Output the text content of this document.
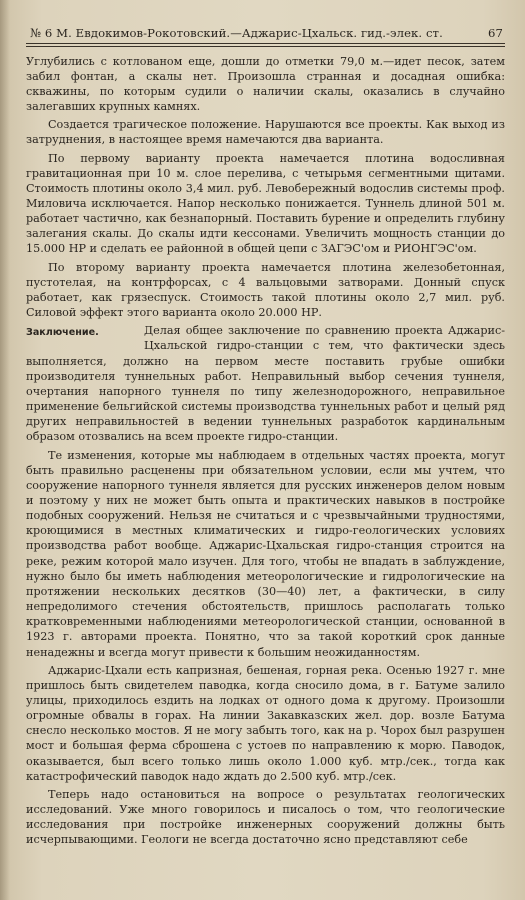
№ 6 М. Евдокимов-Рокотовский.—Аджарис-Цхальск. гид.-элек. ст.	67

Углубились с котлованом еще, дошли до отметки 79,0 м.—идет песок, затем забил фонтан, а скалы нет. Произошла странная и досадная ошибка: скважины, по которым судили о наличии скалы, оказались в случайно залегавших крупных камнях.

Создается трагическое положение. Нарушаются все проекты. Как выход из затруднения, в настоящее время намечаются два варианта.

По первому варианту проекта намечается плотина водосливная гравитационная при 10 м. слое перелива, с четырьмя сегментными щитами. Стоимость плотины около 3,4 мил. руб. Левобережный водослив системы проф. Миловича исключается. Напор несколько понижается. Туннель длиной 501 м. работает частично, как безнапорный. Поставить бурение и определить глубину залегания скалы. До скалы идти кессонами. Увеличить мощность станции до 15.000 НР и сделать ее районной в общей цепи с ЗАГЭС'ом и РИОНГЭС'ом.

По второму варианту проекта намечается плотина железобетонная, пустотелая, на контрфорсах, с 4 вальцовыми затворами. Донный спуск работает, как грязеспуск. Стоимость такой плотины около 2,7 мил. руб. Силовой эффект этого варианта около 20.000 НР.

Заключение.	Делая общее заключение по сравнению проекта Аджарис-Цхальской гидро-станции с тем, что фактически здесь выполняется, должно на первом месте поставить грубые ошибки производителя туннельных работ. Неправильный выбор сечения туннеля, очертания напорного туннеля по типу железнодорожного, неправильное применение бельгийской системы производства туннельных работ и целый ряд других неправильностей в ведении туннельных разработок кардинальным образом отозвались на всем проекте гидро-станции.

Те изменения, которые мы наблюдаем в отдельных частях проекта, могут быть правильно расценены при обязательном условии, если мы учтем, что сооружение напорного туннеля является для русских инженеров делом новым и поэтому у них не может быть опыта и практических навыков в постройке подобных сооружений. Нельзя не считаться и с чрезвычайными трудностями, кроющимися в местных климатических и гидро-геологических условиях производства работ вообще. Аджарис-Цхальская гидро-станция строится на реке, режим которой мало изучен. Для того, чтобы не впадать в заблуждение, нужно было бы иметь наблюдения метеорологические и гидрологические на протяжении нескольких десятков (30—40) лет, а фактически, в силу непредолимого стечения обстоятельств, пришлось располагать только кратковременными наблюдениями метеорологической станции, основанной в 1923 г. авторами проекта. Понятно, что за такой короткий срок данные ненадежны и всегда могут привести к большим неожиданностям.

Аджарис-Цхали есть капризная, бешеная, горная река. Осенью 1927 г. мне пришлось быть свидетелем паводка, когда сносило дома, в г. Батуме залило улицы, приходилось ездить на лодках от одного дома к другому. Произошли огромные обвалы в горах. На линии Закавказских жел. дор. возле Батума снесло несколько мостов. Я не могу забыть того, как на р. Чорох был разрушен мост и большая ферма сброшена с устоев по направлению к морю. Паводок, оказывается, был всего только лишь около 1.000 куб. мтр./сек., тогда как катастрофический паводок надо ждать до 2.500 куб. мтр./сек.

Теперь надо остановиться на вопросе о результатах геологических исследований. Уже много говорилось и писалось о том, что геологические исследования при постройке инженерных сооружений должны быть исчерпывающими. Геологи не всегда достаточно ясно представляют себе
